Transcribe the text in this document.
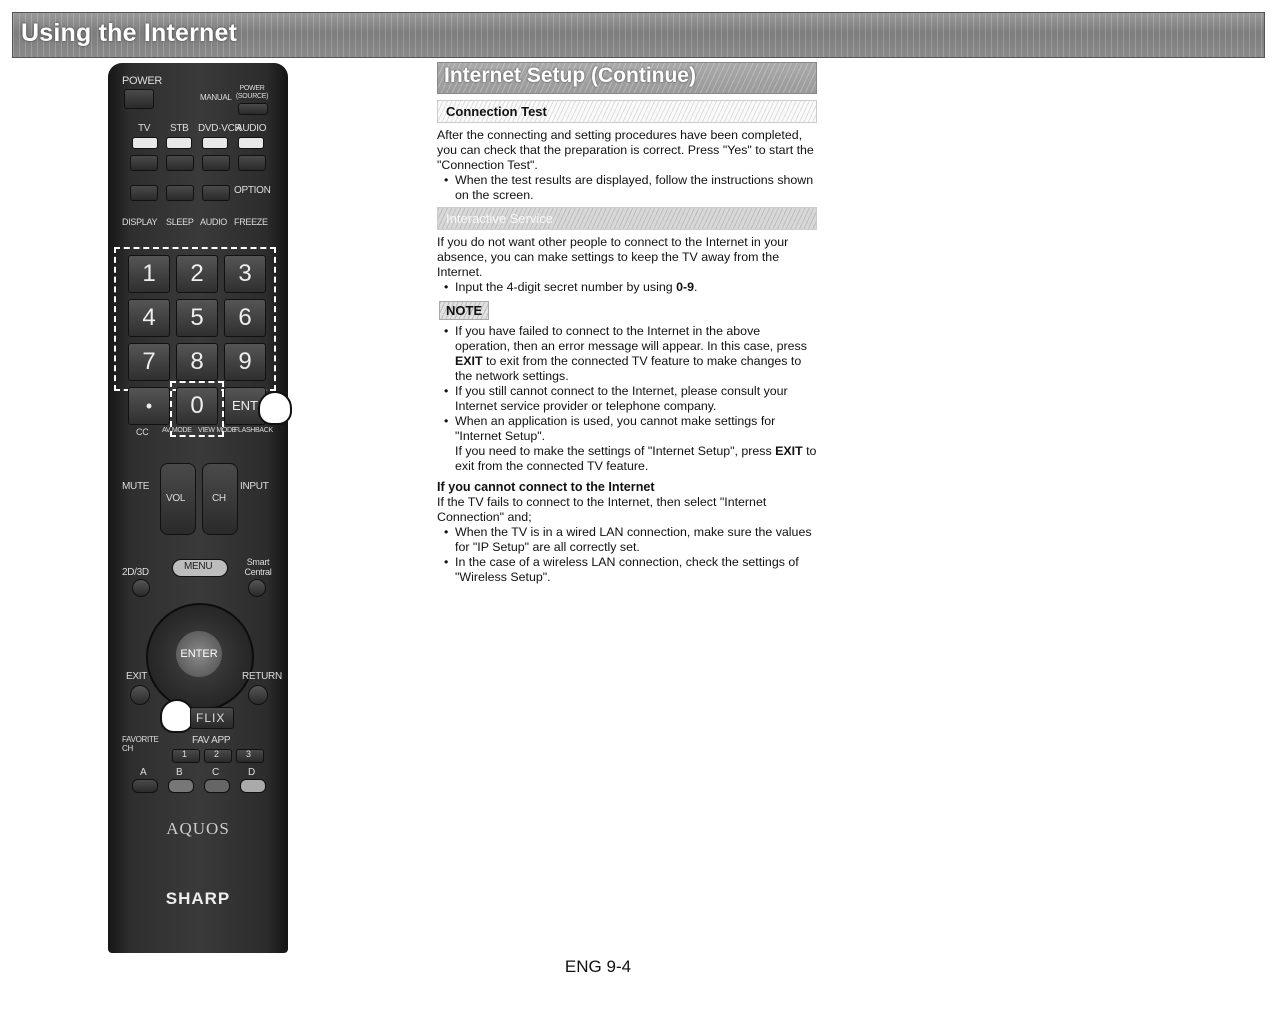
Using the Internet
POWER
MANUAL
POWER (SOURCE)
TV STB DVD·VCR
AUDIO
OPTION
DISPLAY SLEEP AUDIO FREEZE
1	2	3
4	5	6
7	8	9
•	0	ENT
CC AV MODE VIEW MODE
FLASHBACK
MUTE
VOL	CH
INPUT
2D/3D
MENU	Smart Central
ENTER
EXIT	RETURN
FLIX
FAVORITE CH
FAV APP
1	2	3
A	B	C	D
AQUOS
SHARP
Internet Setup (Continue)
Connection Test

After the connecting and setting procedures have been completed, you can check that the preparation is correct. Press "Yes" to start the "Connection Test".

• When the test results are displayed, follow the instructions shown on the screen.
Interactive Service

If you do not want other people to connect to the Internet in your absence, you can make settings to keep the TV away from the Internet.

• Input the 4-digit secret number by using 0-9.
NOTE
• If you have failed to connect to the Internet in the above operation, then an error message will appear. In this case, press EXIT to exit from the connected TV feature to make changes to the network settings.
• If you still cannot connect to the Internet, please consult your Internet service provider or telephone company.
• When an application is used, you cannot make settings for "Internet Setup".
If you need to make the settings of "Internet Setup", press EXIT to exit from the connected TV feature.
If you cannot connect to the Internet

If the TV fails to connect to the Internet, then select "Internet Connection" and;

• When the TV is in a wired LAN connection, make sure the values for "IP Setup" are all correctly set.
• In the case of a wireless LAN connection, check the settings of "Wireless Setup".
ENG 9-4
